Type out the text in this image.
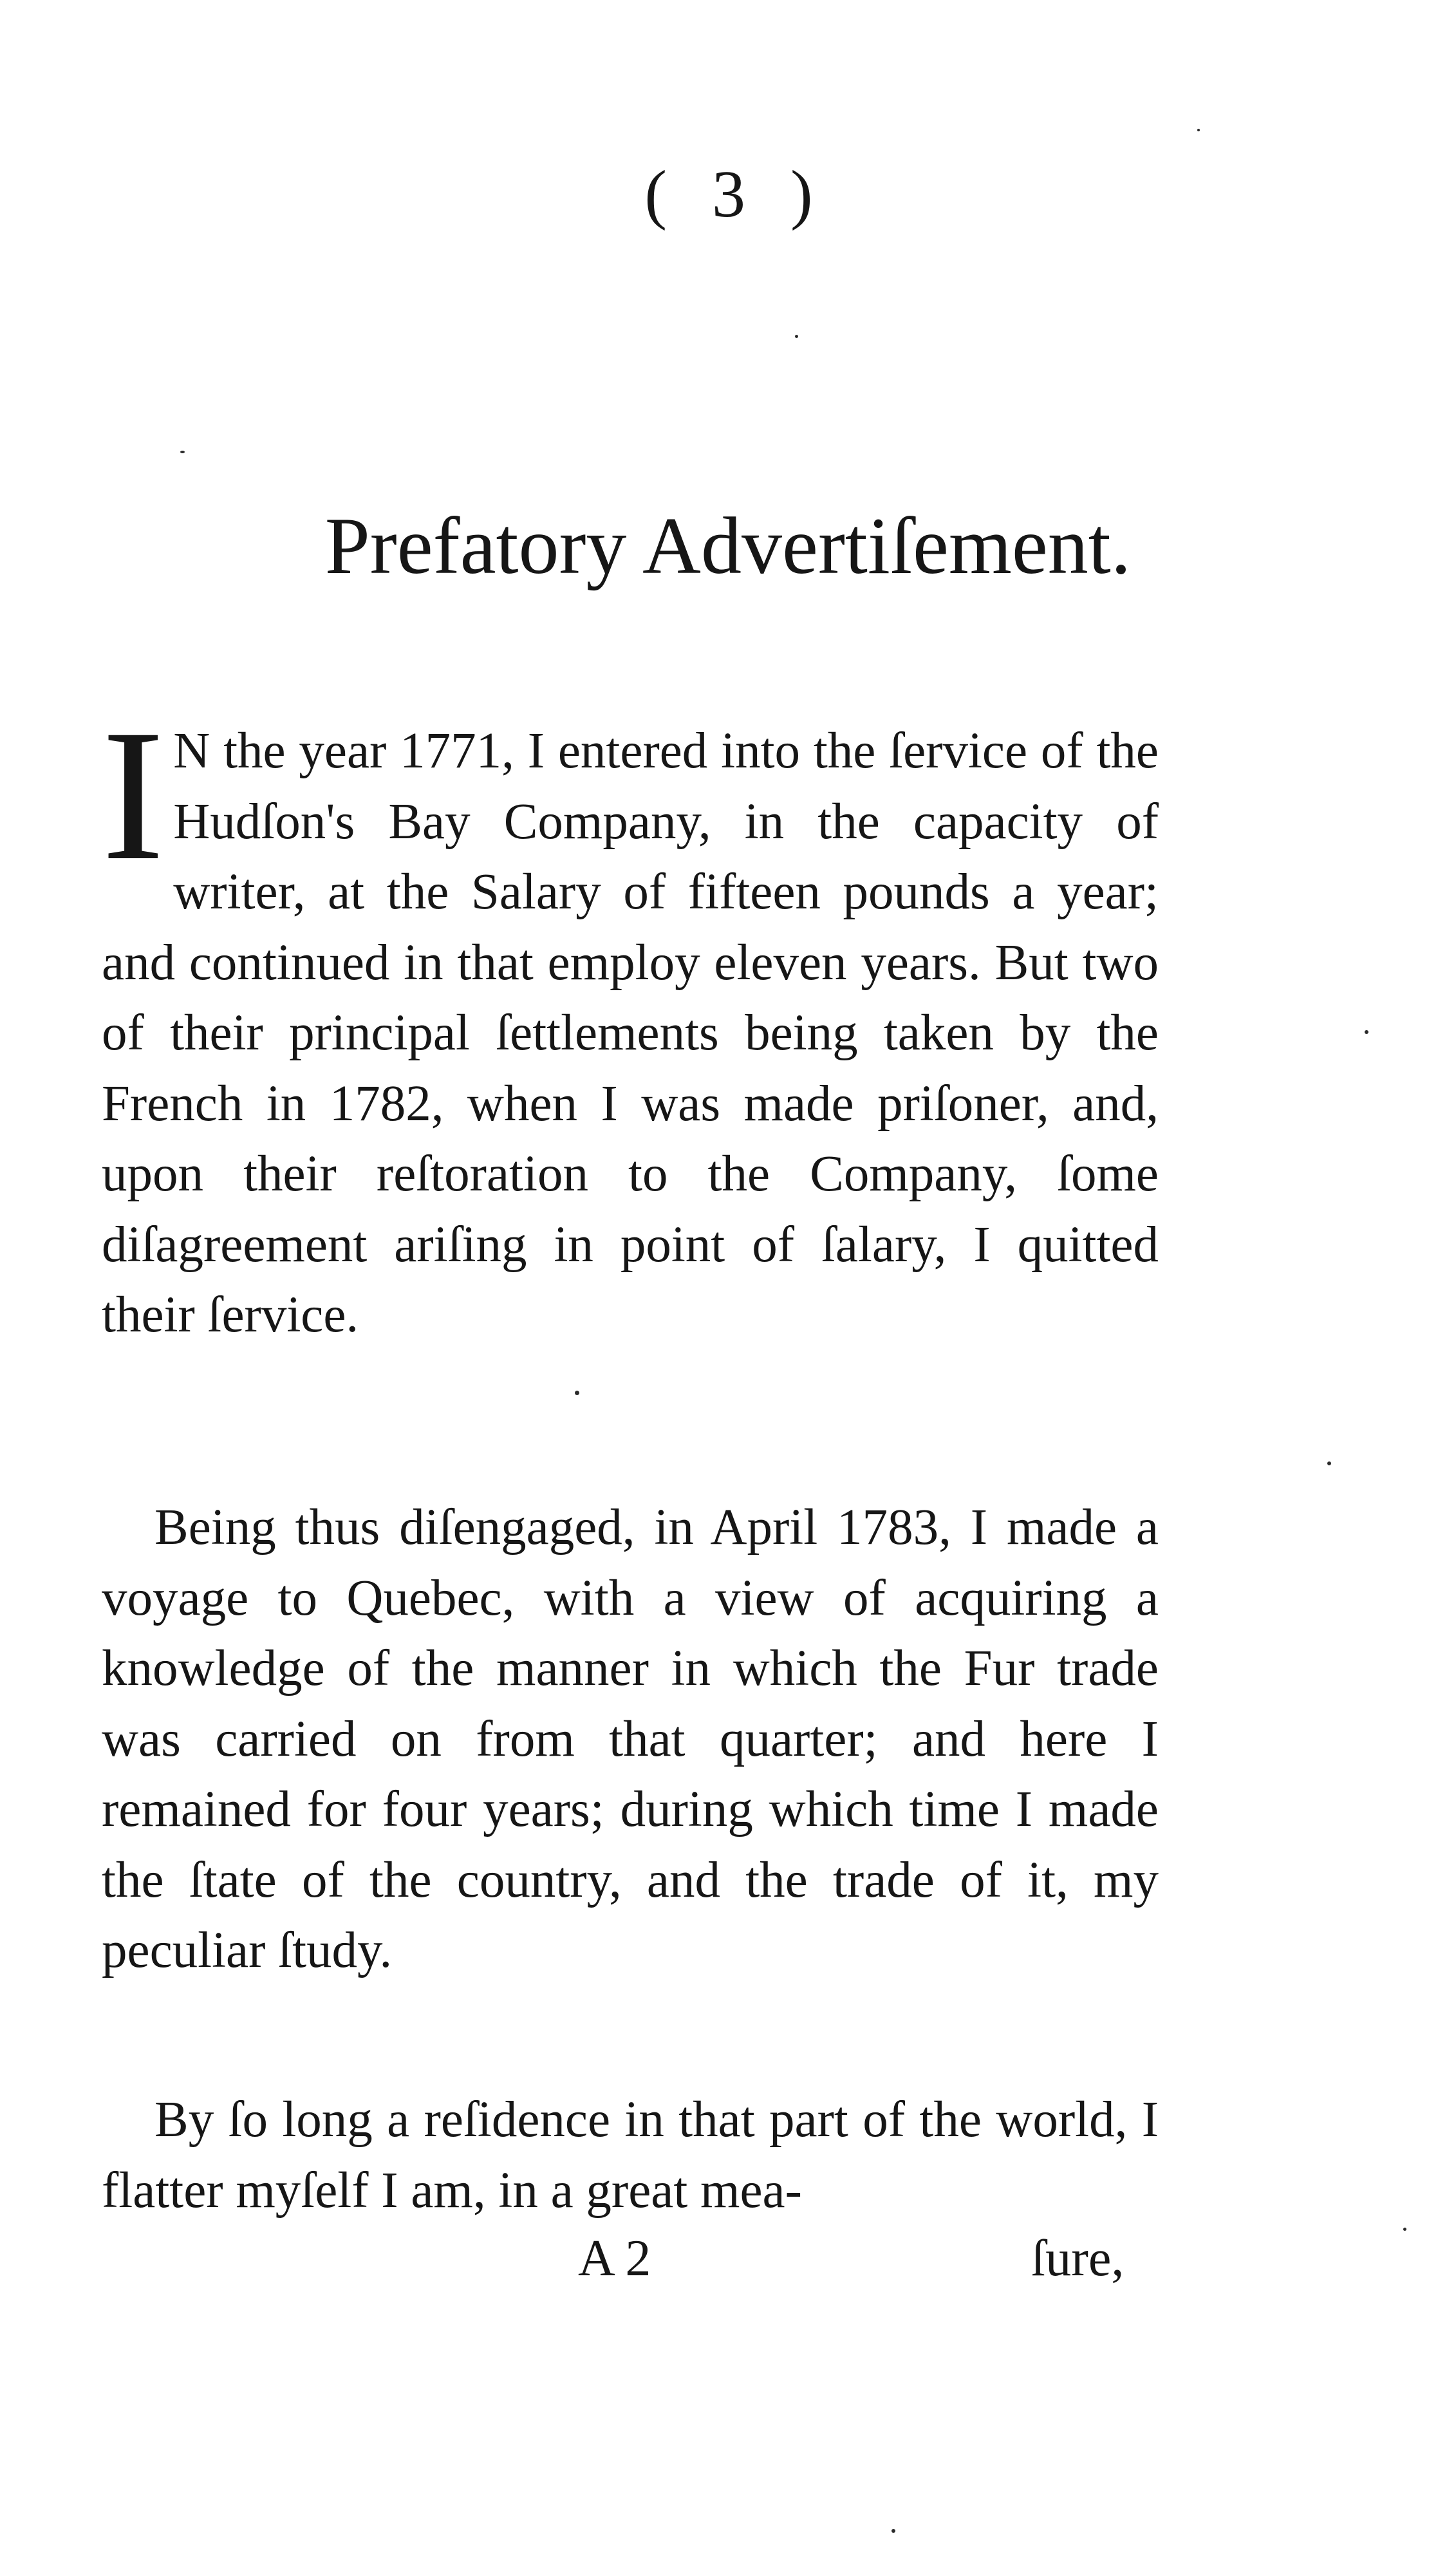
( 3 )
Prefatory Advertiſement.

IN the year 1771, I entered into the ſervice of the Hudſon's Bay Company, in the capacity of writer, at the Salary of fifteen pounds a year; and continued in that employ eleven years. But two of their principal ſettlements being taken by the French in 1782, when I was made priſoner, and, upon their reſtoration to the Company, ſome diſagreement ariſing in point of ſalary, I quitted their ſervice.

Being thus diſengaged, in April 1783, I made a voyage to Quebec, with a view of acquiring a knowledge of the manner in which the Fur trade was carried on from that quarter; and here I remained for four years; during which time I made the ſtate of the country, and the trade of it, my peculiar ſtudy.

By ſo long a reſidence in that part of the world, I flatter myſelf I am, in a great mea-

A 2	ſure,
